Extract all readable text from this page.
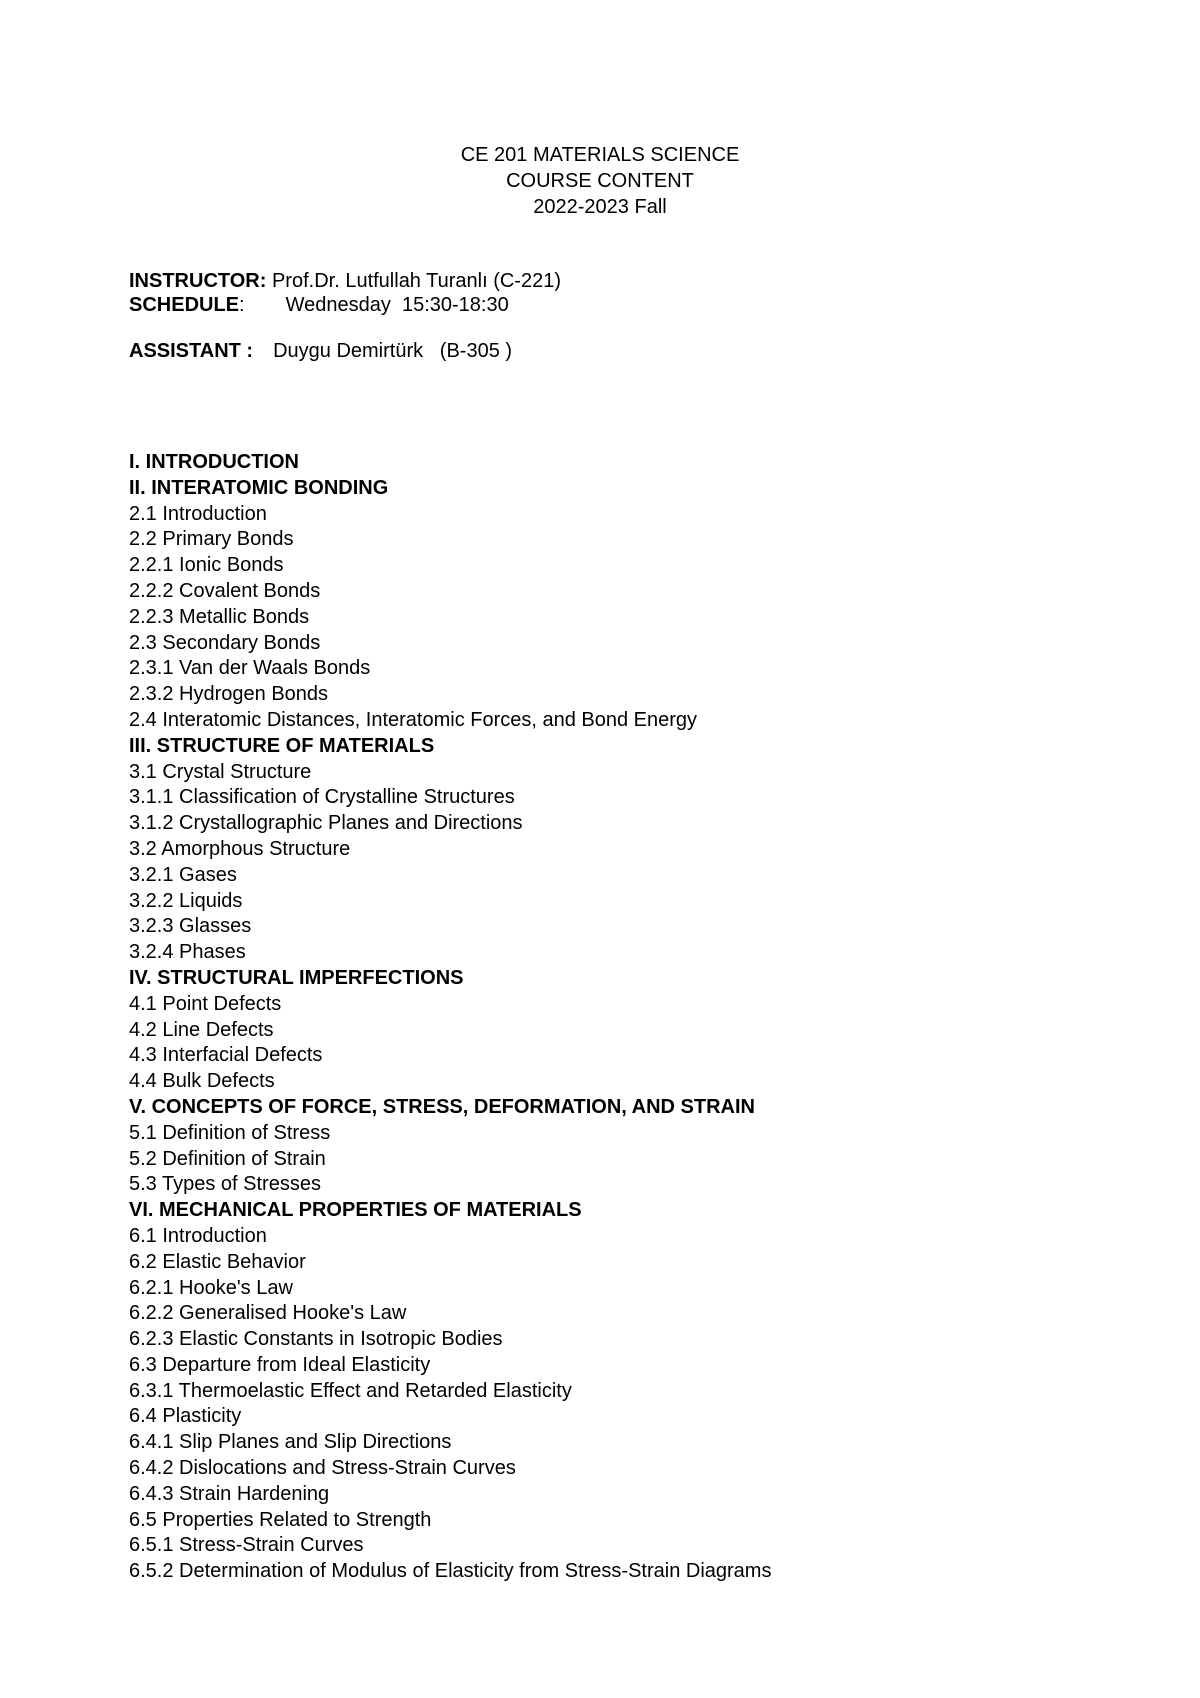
CE 201 MATERIALS SCIENCE
COURSE CONTENT
2022-2023 Fall
INSTRUCTOR: Prof.Dr. Lutfullah Turanlı (C-221)
SCHEDULE: Wednesday  15:30-18:30
ASSISTANT : Duygu Demirtürk   (B-305 )
I. INTRODUCTION
II. INTERATOMIC BONDING
2.1 Introduction
2.2 Primary Bonds
2.2.1 Ionic Bonds
2.2.2 Covalent Bonds
2.2.3 Metallic Bonds
2.3 Secondary Bonds
2.3.1 Van der Waals Bonds
2.3.2 Hydrogen Bonds
2.4 Interatomic Distances, Interatomic Forces, and Bond Energy
III. STRUCTURE OF MATERIALS
3.1 Crystal Structure
3.1.1 Classification of Crystalline Structures
3.1.2 Crystallographic Planes and Directions
3.2 Amorphous Structure
3.2.1 Gases
3.2.2 Liquids
3.2.3 Glasses
3.2.4 Phases
IV. STRUCTURAL IMPERFECTIONS
4.1 Point Defects
4.2 Line Defects
4.3 Interfacial Defects
4.4 Bulk Defects
V. CONCEPTS OF FORCE, STRESS, DEFORMATION, AND STRAIN
5.1 Definition of Stress
5.2 Definition of Strain
5.3 Types of Stresses
VI. MECHANICAL PROPERTIES OF MATERIALS
6.1 Introduction
6.2 Elastic Behavior
6.2.1 Hooke's Law
6.2.2 Generalised Hooke's Law
6.2.3 Elastic Constants in Isotropic Bodies
6.3 Departure from Ideal Elasticity
6.3.1 Thermoelastic Effect and Retarded Elasticity
6.4 Plasticity
6.4.1 Slip Planes and Slip Directions
6.4.2 Dislocations and Stress-Strain Curves
6.4.3 Strain Hardening
6.5 Properties Related to Strength
6.5.1 Stress-Strain Curves
6.5.2 Determination of Modulus of Elasticity from Stress-Strain Diagrams
